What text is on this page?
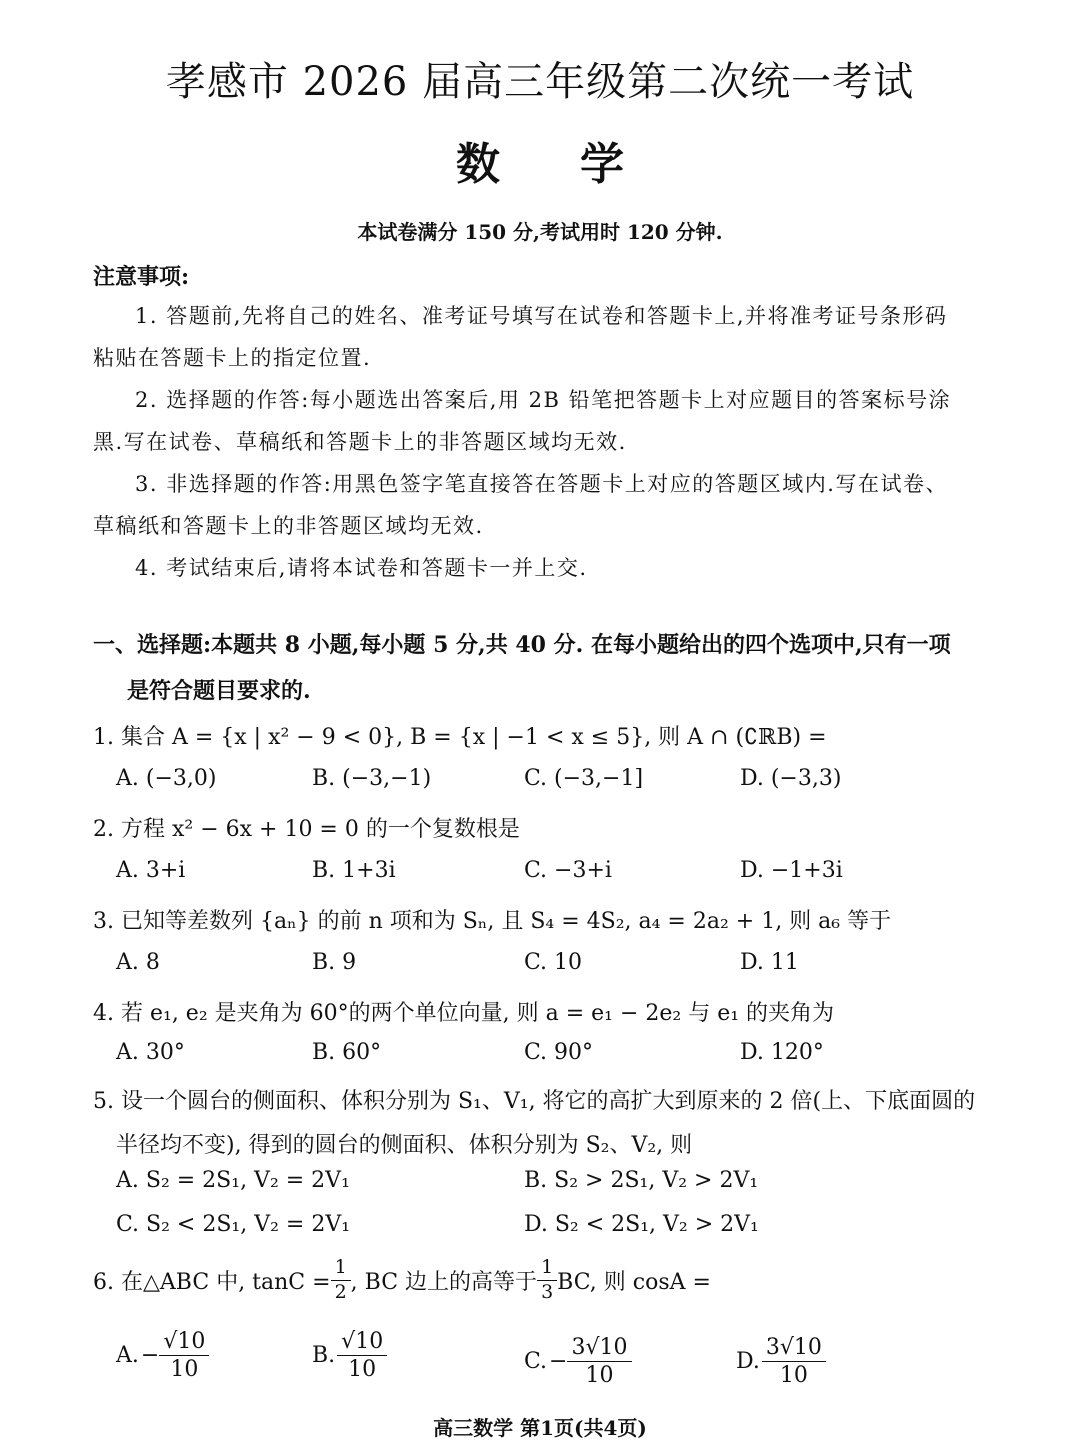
孝感市 2026 届高三年级第二次统一考试
数学
本试卷满分 150 分,考试用时 120 分钟.
注意事项:
1. 答题前,先将自己的姓名、准考证号填写在试卷和答题卡上,并将准考证号条形码
粘贴在答题卡上的指定位置.
2. 选择题的作答:每小题选出答案后,用 2B 铅笔把答题卡上对应题目的答案标号涂
黑.写在试卷、草稿纸和答题卡上的非答题区域均无效.
3. 非选择题的作答:用黑色签字笔直接答在答题卡上对应的答题区域内.写在试卷、
草稿纸和答题卡上的非答题区域均无效.
4. 考试结束后,请将本试卷和答题卡一并上交.
一、选择题:本题共 8 小题,每小题 5 分,共 40 分. 在每小题给出的四个选项中,只有一项
是符合题目要求的.
1. 集合 A = {x | x² − 9 < 0}, B = {x | −1 < x ≤ 5}, 则 A ∩ (∁ℝB) =
A. (−3,0)	B. (−3,−1)	C. (−3,−1]	D. (−3,3)
2. 方程 x² − 6x + 10 = 0 的一个复数根是
A. 3+i	B. 1+3i	C. −3+i	D. −1+3i
3. 已知等差数列 {aₙ} 的前 n 项和为 Sₙ, 且 S₄ = 4S₂, a₄ = 2a₂ + 1, 则 a₆ 等于
A. 8	B. 9	C. 10	D. 11
4. 若 e₁, e₂ 是夹角为 60°的两个单位向量, 则 a = e₁ − 2e₂ 与 e₁ 的夹角为
A. 30°	B. 60°	C. 90°	D. 120°
5. 设一个圆台的侧面积、体积分别为 S₁、V₁, 将它的高扩大到原来的 2 倍(上、下底面圆的
半径均不变), 得到的圆台的侧面积、体积分别为 S₂、V₂, 则
A. S₂ = 2S₁, V₂ = 2V₁	B. S₂ > 2S₁, V₂ > 2V₁
C. S₂ < 2S₁, V₂ = 2V₁	D. S₂ < 2S₁, V₂ > 2V₁
6. 在△ABC 中, $\tan C = \frac{1}{2}$ , BC 边上的高等于 $\frac{1}{3}$ BC, 则 cosA =
A. − $\frac{√10}{10}$	B. $\frac{√10}{10}$	C. − $\frac{3√10}{10}$	D. $\frac{3√10}{10}$
高三数学 第1页(共4页)
